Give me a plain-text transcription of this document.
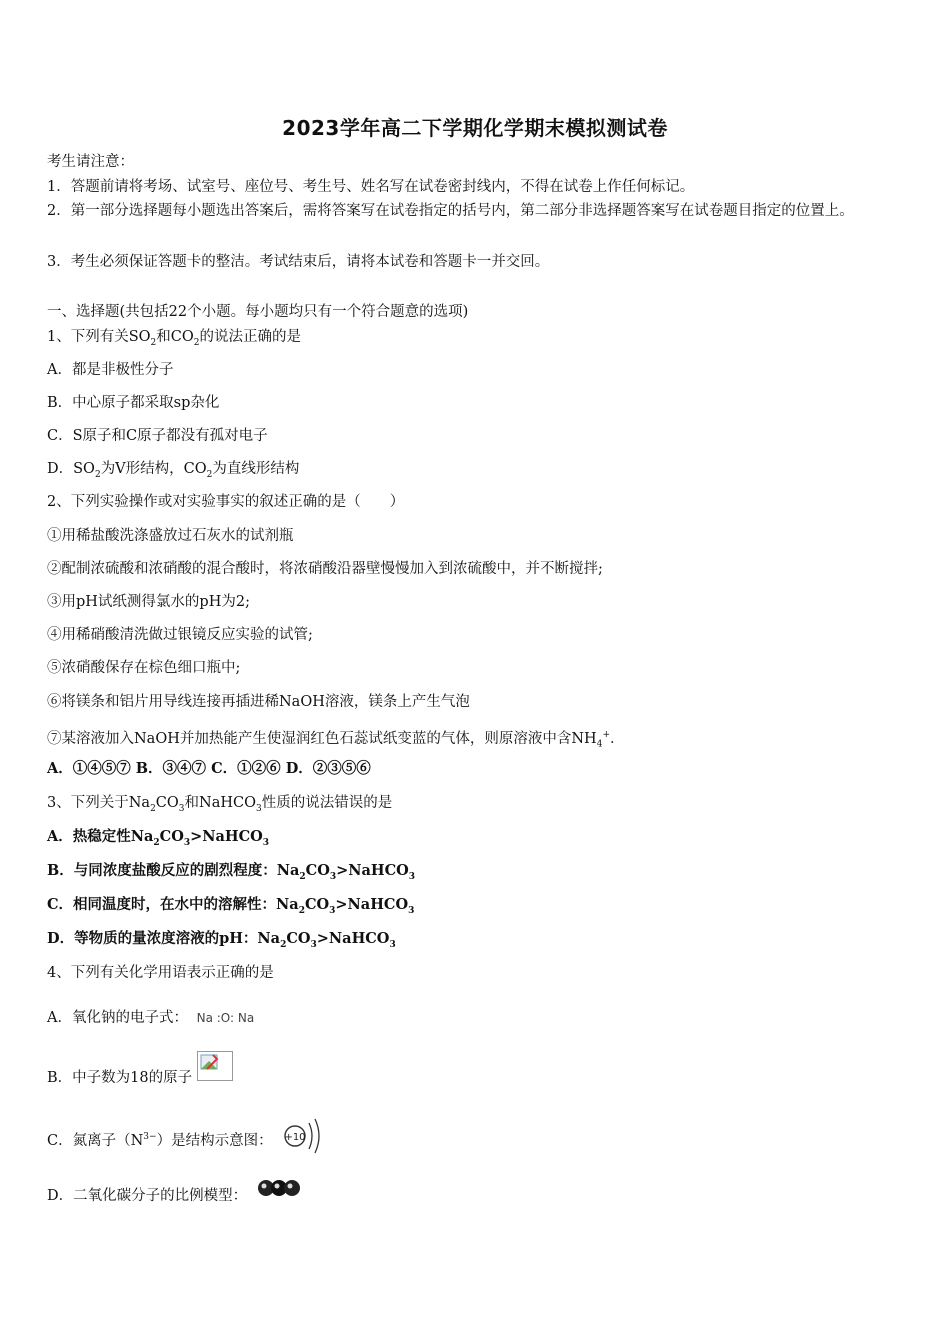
2023学年高二下学期化学期末模拟测试卷
考生请注意：
1．答题前请将考场、试室号、座位号、考生号、姓名写在试卷密封线内，不得在试卷上作任何标记。
2．第一部分选择题每小题选出答案后，需将答案写在试卷指定的括号内，第二部分非选择题答案写在试卷题目指定的位置上。
3．考生必须保证答题卡的整洁。考试结束后，请将本试卷和答题卡一并交回。
一、选择题(共包括22个小题。每小题均只有一个符合题意的选项)
1、下列有关$SO_2$和$CO_2$的说法正确的是
A．都是非极性分子
B．中心原子都采取sp杂化
C．S原子和C原子都没有孤对电子
D．$SO_2$为V形结构，$CO_2$为直线形结构
2、下列实验操作或对实验事实的叙述正确的是（　　）
①用稀盐酸洗涤盛放过石灰水的试剂瓶
②配制浓硫酸和浓硝酸的混合酸时，将浓硝酸沿器壁慢慢加入到浓硫酸中，并不断搅拌;
③用pH试纸测得氯水的pH为2;
④用稀硝酸清洗做过银镜反应实验的试管;
⑤浓硝酸保存在棕色细口瓶中;
⑥将镁条和铝片用导线连接再插进稀NaOH溶液，镁条上产生气泡
⑦某溶液加入NaOH并加热能产生使湿润红色石蕊试纸变蓝的气体，则原溶液中含$NH_4^+$．
A．①④⑤⑦ B．③④⑦ C．①②⑥ D．②③⑤⑥
3、下列关于$Na_2CO_3$和NaHCO$_3$性质的说法错误的是
A．热稳定性$Na_2CO_3>NaHCO_3$
B．与同浓度盐酸反应的剧烈程度：$Na_2CO_3>NaHCO_3$
C．相同温度时，在水中的溶解性：$Na_2CO_3>NaHCO_3$
D．等物质的量浓度溶液的pH：$Na_2CO_3>NaHCO_3$
4、下列有关化学用语表示正确的是
A．氧化钠的电子式： Na :O: Na
B．中子数为18的原子
C．氮离子$(N^{3-})$是结构示意图： +10
D．二氧化碳分子的比例模型：
